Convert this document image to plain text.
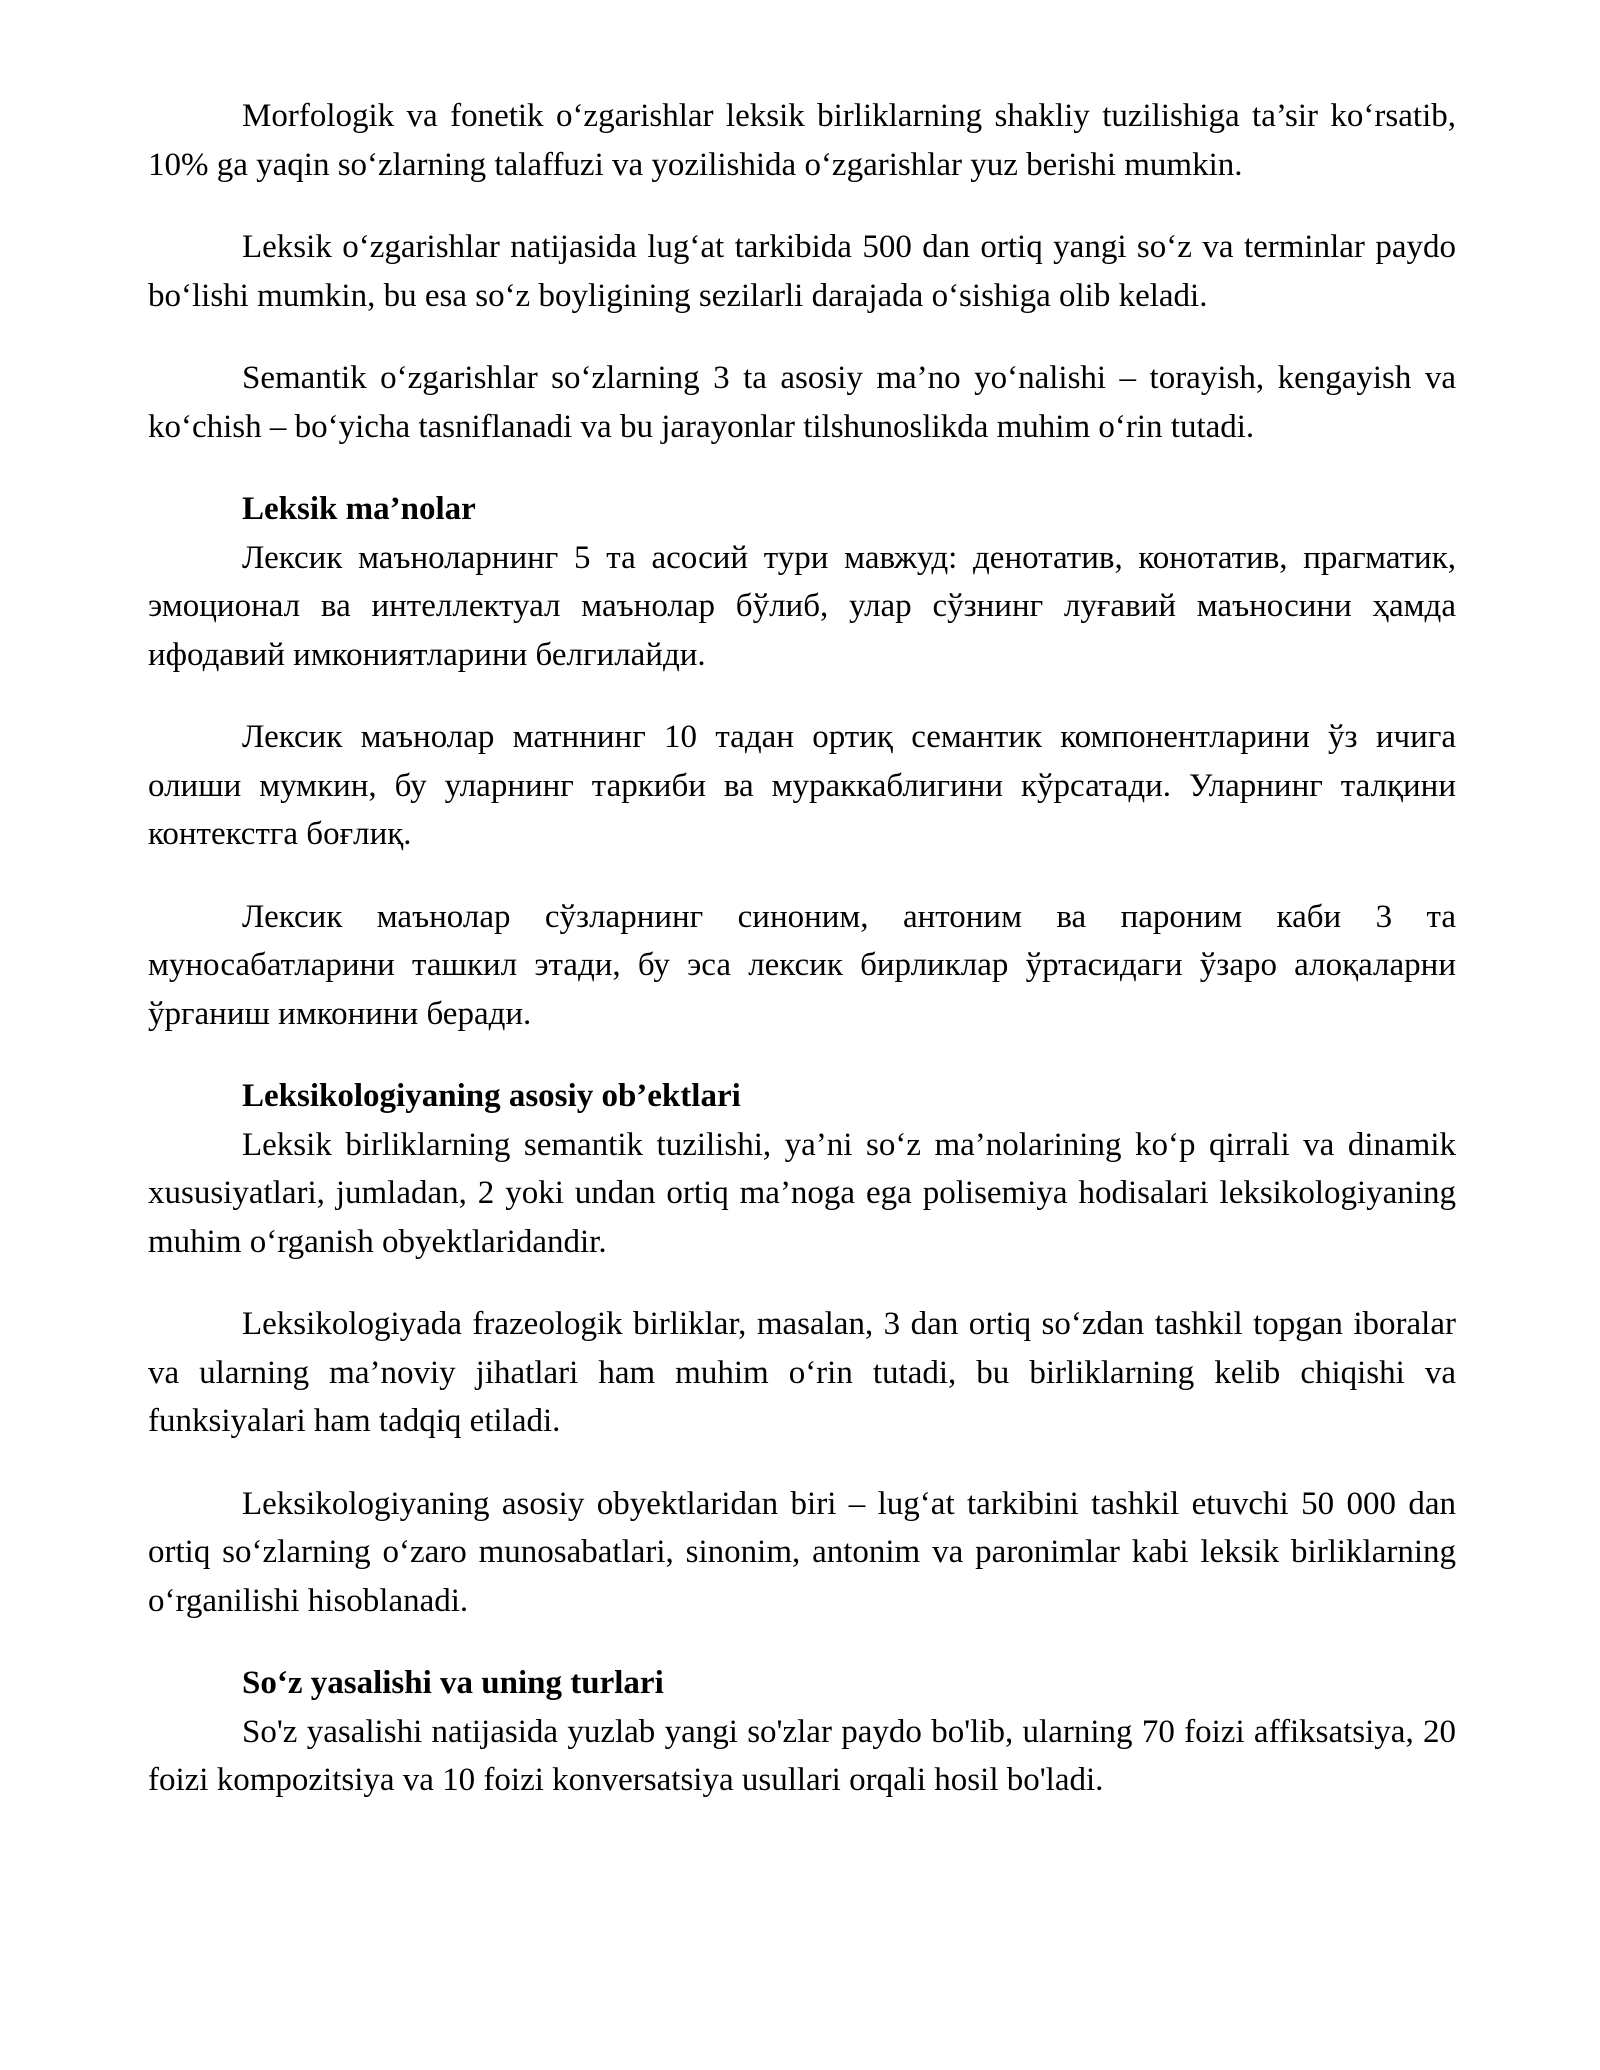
Morfologik va fonetik o‘zgarishlar leksik birliklarning shakliy tuzilishiga ta’sir ko‘rsatib, 10% ga yaqin so‘zlarning talaffuzi va yozilishida o‘zgarishlar yuz berishi mumkin.

Leksik o‘zgarishlar natijasida lug‘at tarkibida 500 dan ortiq yangi so‘z va terminlar paydo bo‘lishi mumkin, bu esa so‘z boyligining sezilarli darajada o‘sishiga olib keladi.

Semantik o‘zgarishlar so‘zlarning 3 ta asosiy ma’no yo‘nalishi – torayish, kengayish va ko‘chish – bo‘yicha tasniflanadi va bu jarayonlar tilshunoslikda muhim o‘rin tutadi.

Leksik ma’nolar

Лексик маъноларнинг 5 та асосий тури мавжуд: денотатив, конотатив, прагматик, эмоционал ва интеллектуал маънолар бўлиб, улар сўзнинг луғавий маъносини ҳамда ифодавий имкониятларини белгилайди.

Лексик маънолар матннинг 10 тадан ортиқ семантик компонентларини ўз ичига олиши мумкин, бу уларнинг таркиби ва мураккаблигини кўрсатади. Уларнинг талқини контекстга боғлиқ.

Лексик маънолар сўзларнинг синоним, антоним ва пароним каби 3 та муносабатларини ташкил этади, бу эса лексик бирликлар ўртасидаги ўзаро алоқаларни ўрганиш имконини беради.

Leksikologiyaning asosiy ob’ektlari

Leksik birliklarning semantik tuzilishi, ya’ni so‘z ma’nolarining ko‘p qirrali va dinamik xususiyatlari, jumladan, 2 yoki undan ortiq ma’noga ega polisemiya hodisalari leksikologiyaning muhim o‘rganish obyektlaridandir.

Leksikologiyada frazeologik birliklar, masalan, 3 dan ortiq so‘zdan tashkil topgan iboralar va ularning ma’noviy jihatlari ham muhim o‘rin tutadi, bu birliklarning kelib chiqishi va funksiyalari ham tadqiq etiladi.

Leksikologiyaning asosiy obyektlaridan biri – lug‘at tarkibini tashkil etuvchi 50 000 dan ortiq so‘zlarning o‘zaro munosabatlari, sinonim, antonim va paronimlar kabi leksik birliklarning o‘rganilishi hisoblanadi.

So‘z yasalishi va uning turlari

So'z yasalishi natijasida yuzlab yangi so'zlar paydo bo'lib, ularning 70 foizi affiksatsiya, 20 foizi kompozitsiya va 10 foizi konversatsiya usullari orqali hosil bo'ladi.
